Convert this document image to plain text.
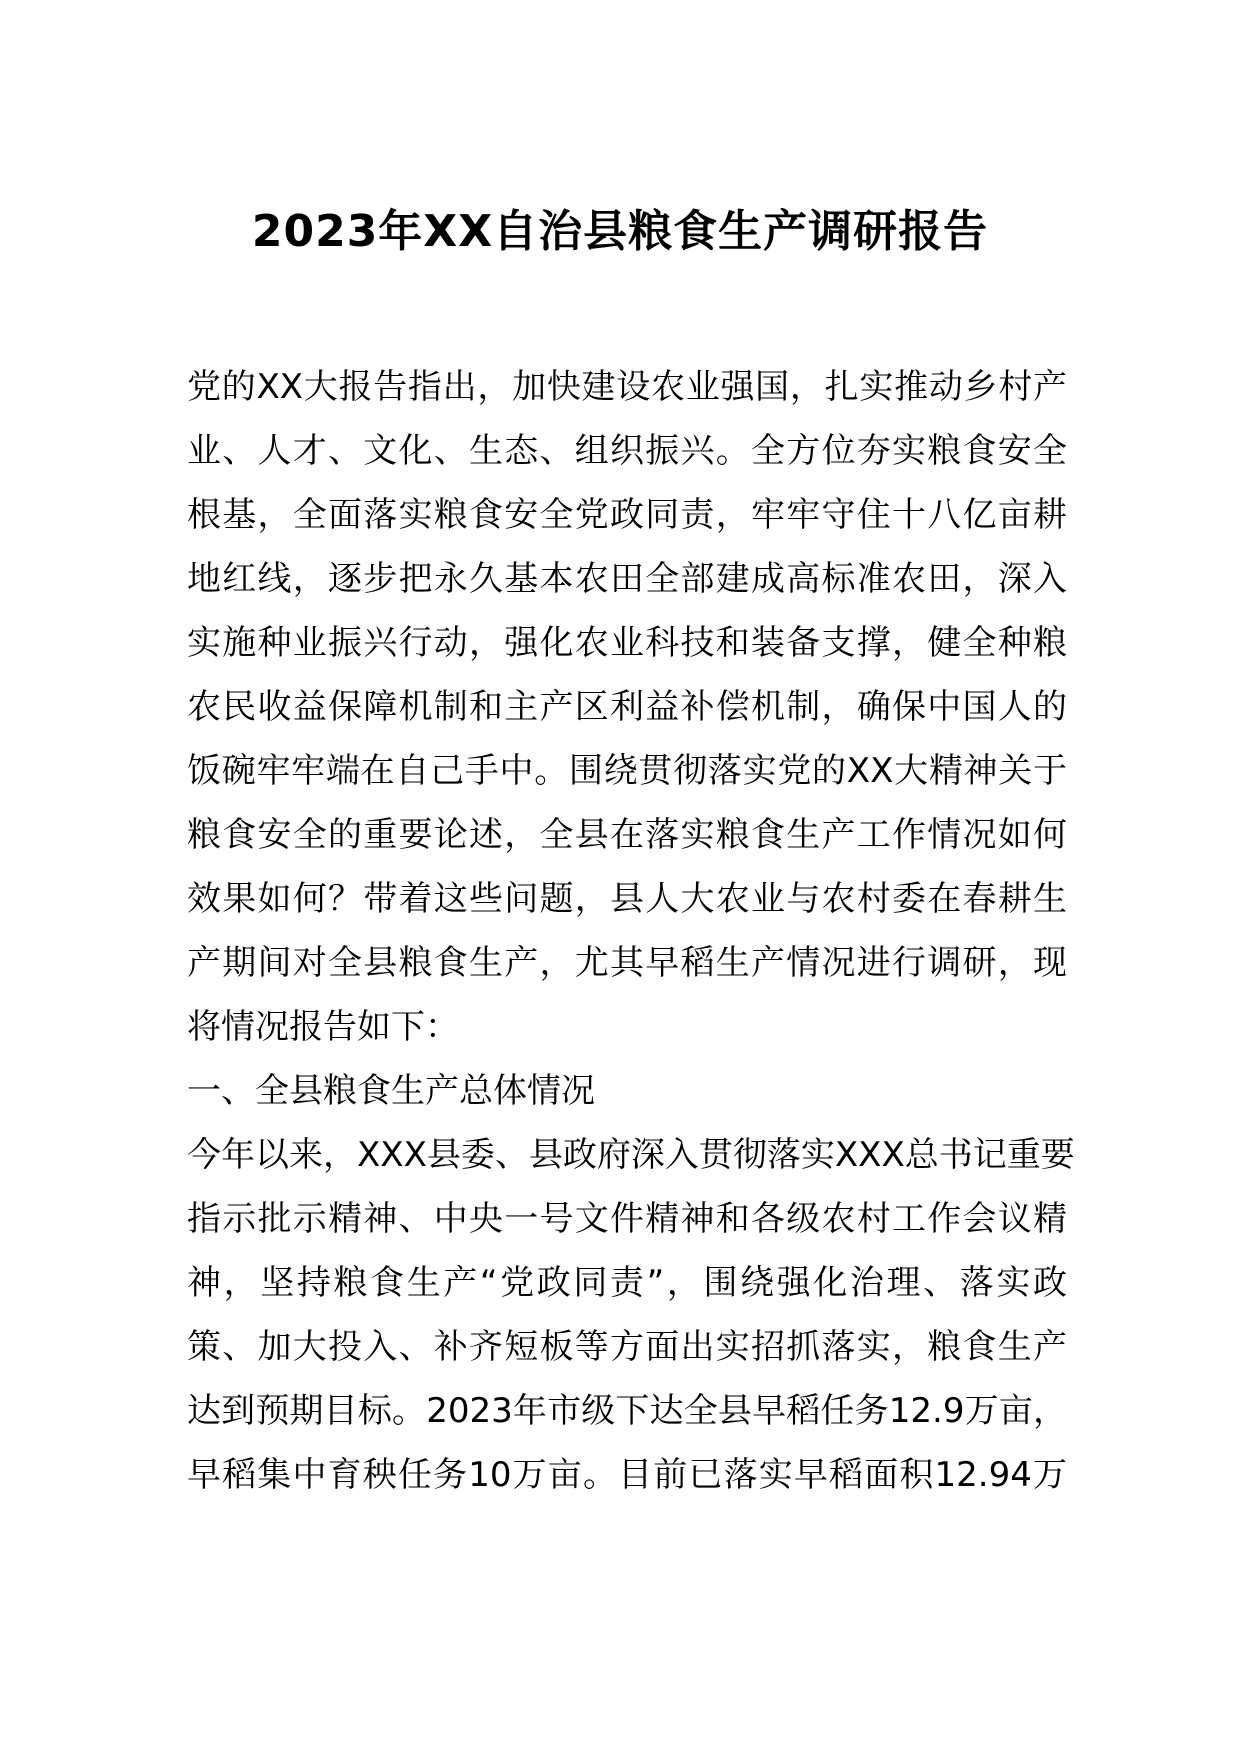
2023年XX自治县粮食生产调研报告
党的XX大报告指出，加快建设农业强国，扎实推动乡村产
业、人才、文化、生态、组织振兴。全方位夯实粮食安全
根基，全面落实粮食安全党政同责，牢牢守住十八亿亩耕
地红线，逐步把永久基本农田全部建成高标准农田，深入
实施种业振兴行动，强化农业科技和装备支撑，健全种粮
农民收益保障机制和主产区利益补偿机制，确保中国人的
饭碗牢牢端在自己手中。围绕贯彻落实党的XX大精神关于
粮食安全的重要论述，全县在落实粮食生产工作情况如何
效果如何？带着这些问题，县人大农业与农村委在春耕生
产期间对全县粮食生产，尤其早稻生产情况进行调研，现
将情况报告如下：
一、全县粮食生产总体情况
今年以来，XXX县委、县政府深入贯彻落实XXX总书记重要
指示批示精神、中央一号文件精神和各级农村工作会议精
神，坚持粮食生产“党政同责”，围绕强化治理、落实政
策、加大投入、补齐短板等方面出实招抓落实，粮食生产
达到预期目标。2023年市级下达全县早稻任务12.9万亩，
早稻集中育秧任务10万亩。目前已落实早稻面积12.94万
